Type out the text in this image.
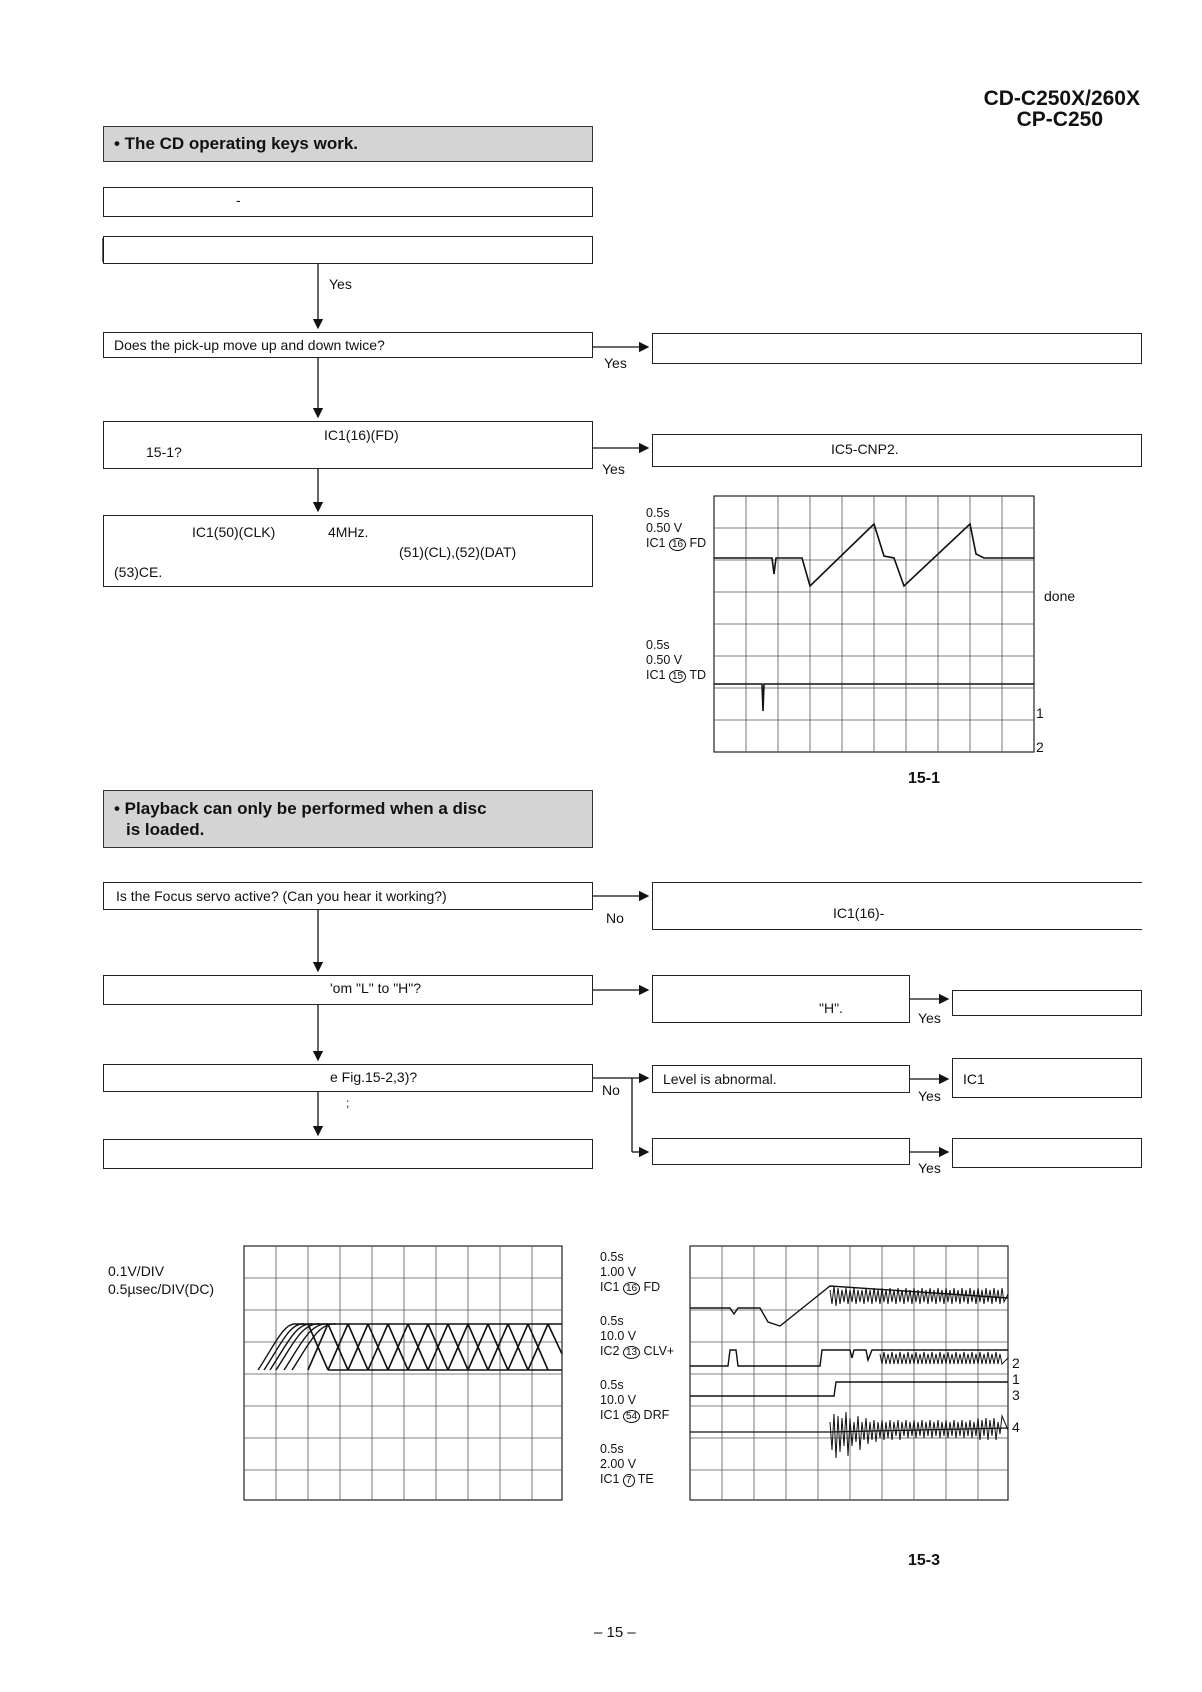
CD-C250X/260X
CP-C250
• The CD operating keys work.
-
Yes
Does the pick-up move up and down twice?
Yes
IC1(16)(FD)
15-1?
Yes
IC5-CNP2.
IC1(50)(CLK)	4MHz.
(51)(CL),(52)(DAT)
(53)CE.
0.5s
0.50 V
IC1 16 FD
0.5s
0.50 V
IC1 15 TD
done
1
2
15-1
• Playback can only be performed when a disc
is loaded.
Is the Focus servo active? (Can you hear it working?)
No	IC1(16)-
'om "L" to "H"?
"H".
Yes
e Fig.15-2,3)?
;
No
Level is abnormal.
Yes
IC1
Yes
0.1V/DIV
0.5µsec/DIV(DC)
0.5s
1.00 V
IC1 16 FD
0.5s
10.0 V
IC2 13 CLV+
0.5s
10.0 V
IC1 54 DRF
0.5s
2.00 V
IC1 7 TE
2
1
3
4
15-3
– 15 –
